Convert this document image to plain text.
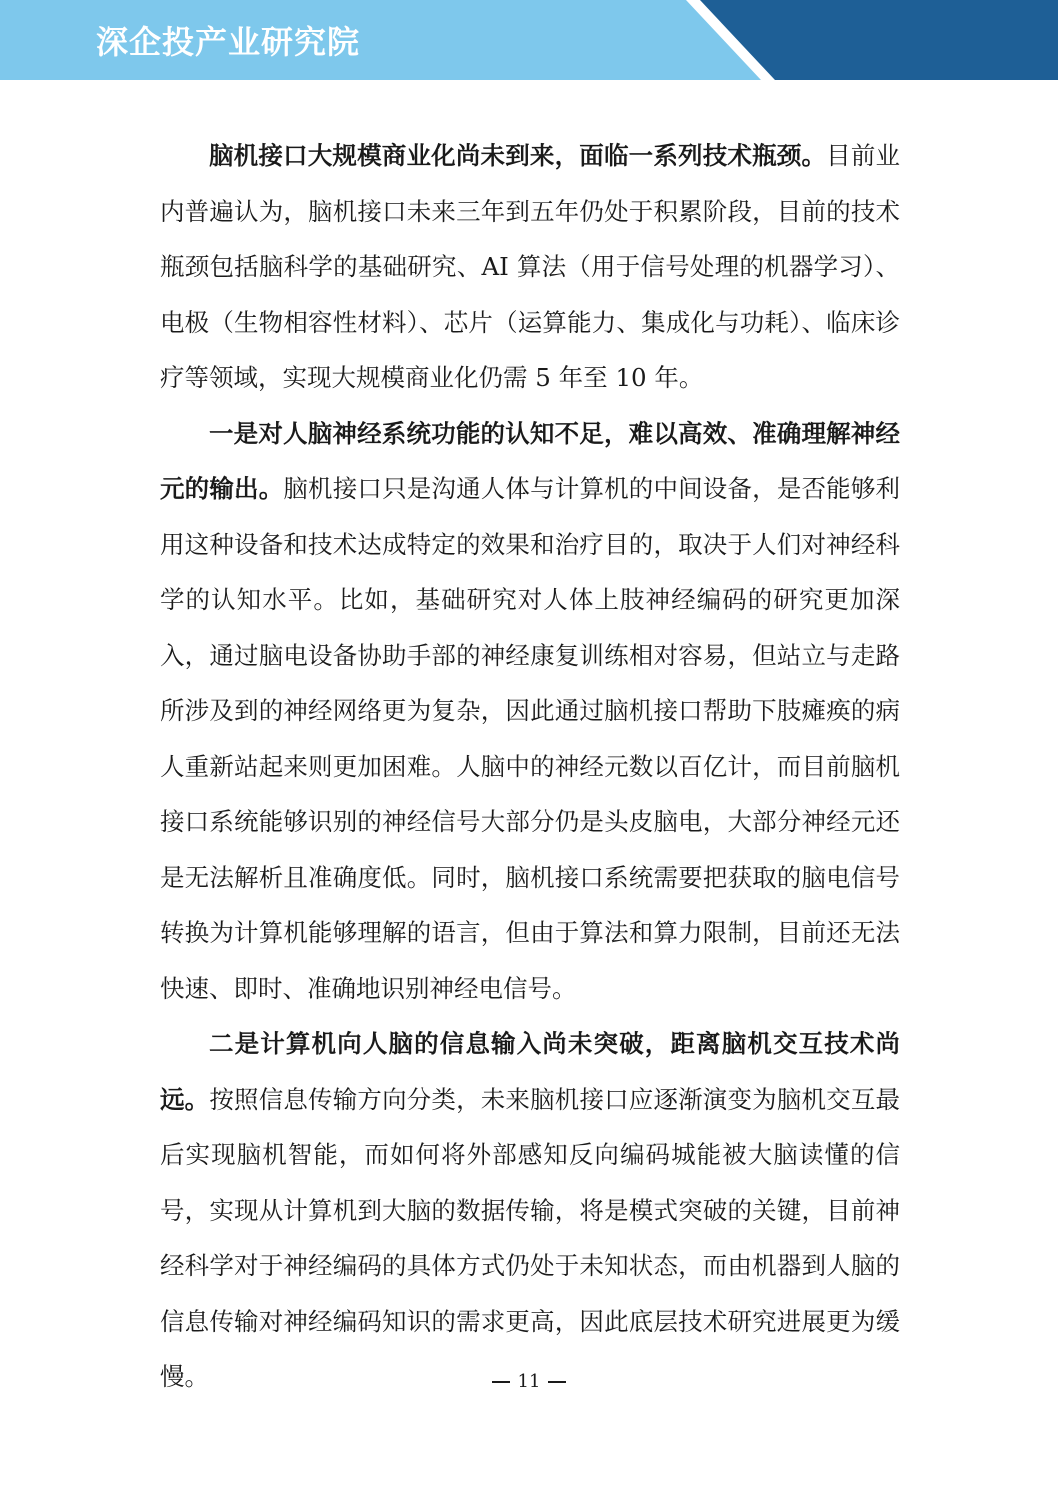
深企投产业研究院

脑机接口大规模商业化尚未到来，面临一系列技术瓶颈。目前业内普遍认为，脑机接口未来三年到五年仍处于积累阶段，目前的技术瓶颈包括脑科学的基础研究、AI 算法（用于信号处理的机器学习）、电极（生物相容性材料）、芯片（运算能力、集成化与功耗）、临床诊疗等领域，实现大规模商业化仍需 5 年至 10 年。

一是对人脑神经系统功能的认知不足，难以高效、准确理解神经元的输出。脑机接口只是沟通人体与计算机的中间设备，是否能够利用这种设备和技术达成特定的效果和治疗目的，取决于人们对神经科学的认知水平。比如，基础研究对人体上肢神经编码的研究更加深入，通过脑电设备协助手部的神经康复训练相对容易，但站立与走路所涉及到的神经网络更为复杂，因此通过脑机接口帮助下肢瘫痪的病人重新站起来则更加困难。人脑中的神经元数以百亿计，而目前脑机接口系统能够识别的神经信号大部分仍是头皮脑电，大部分神经元还是无法解析且准确度低。同时，脑机接口系统需要把获取的脑电信号转换为计算机能够理解的语言，但由于算法和算力限制，目前还无法快速、即时、准确地识别神经电信号。

二是计算机向人脑的信息输入尚未突破，距离脑机交互技术尚远。按照信息传输方向分类，未来脑机接口应逐渐演变为脑机交互最后实现脑机智能，而如何将外部感知反向编码城能被大脑读懂的信号，实现从计算机到大脑的数据传输，将是模式突破的关键，目前神经科学对于神经编码的具体方式仍处于未知状态，而由机器到人脑的信息传输对神经编码知识的需求更高，因此底层技术研究进展更为缓慢。	11
